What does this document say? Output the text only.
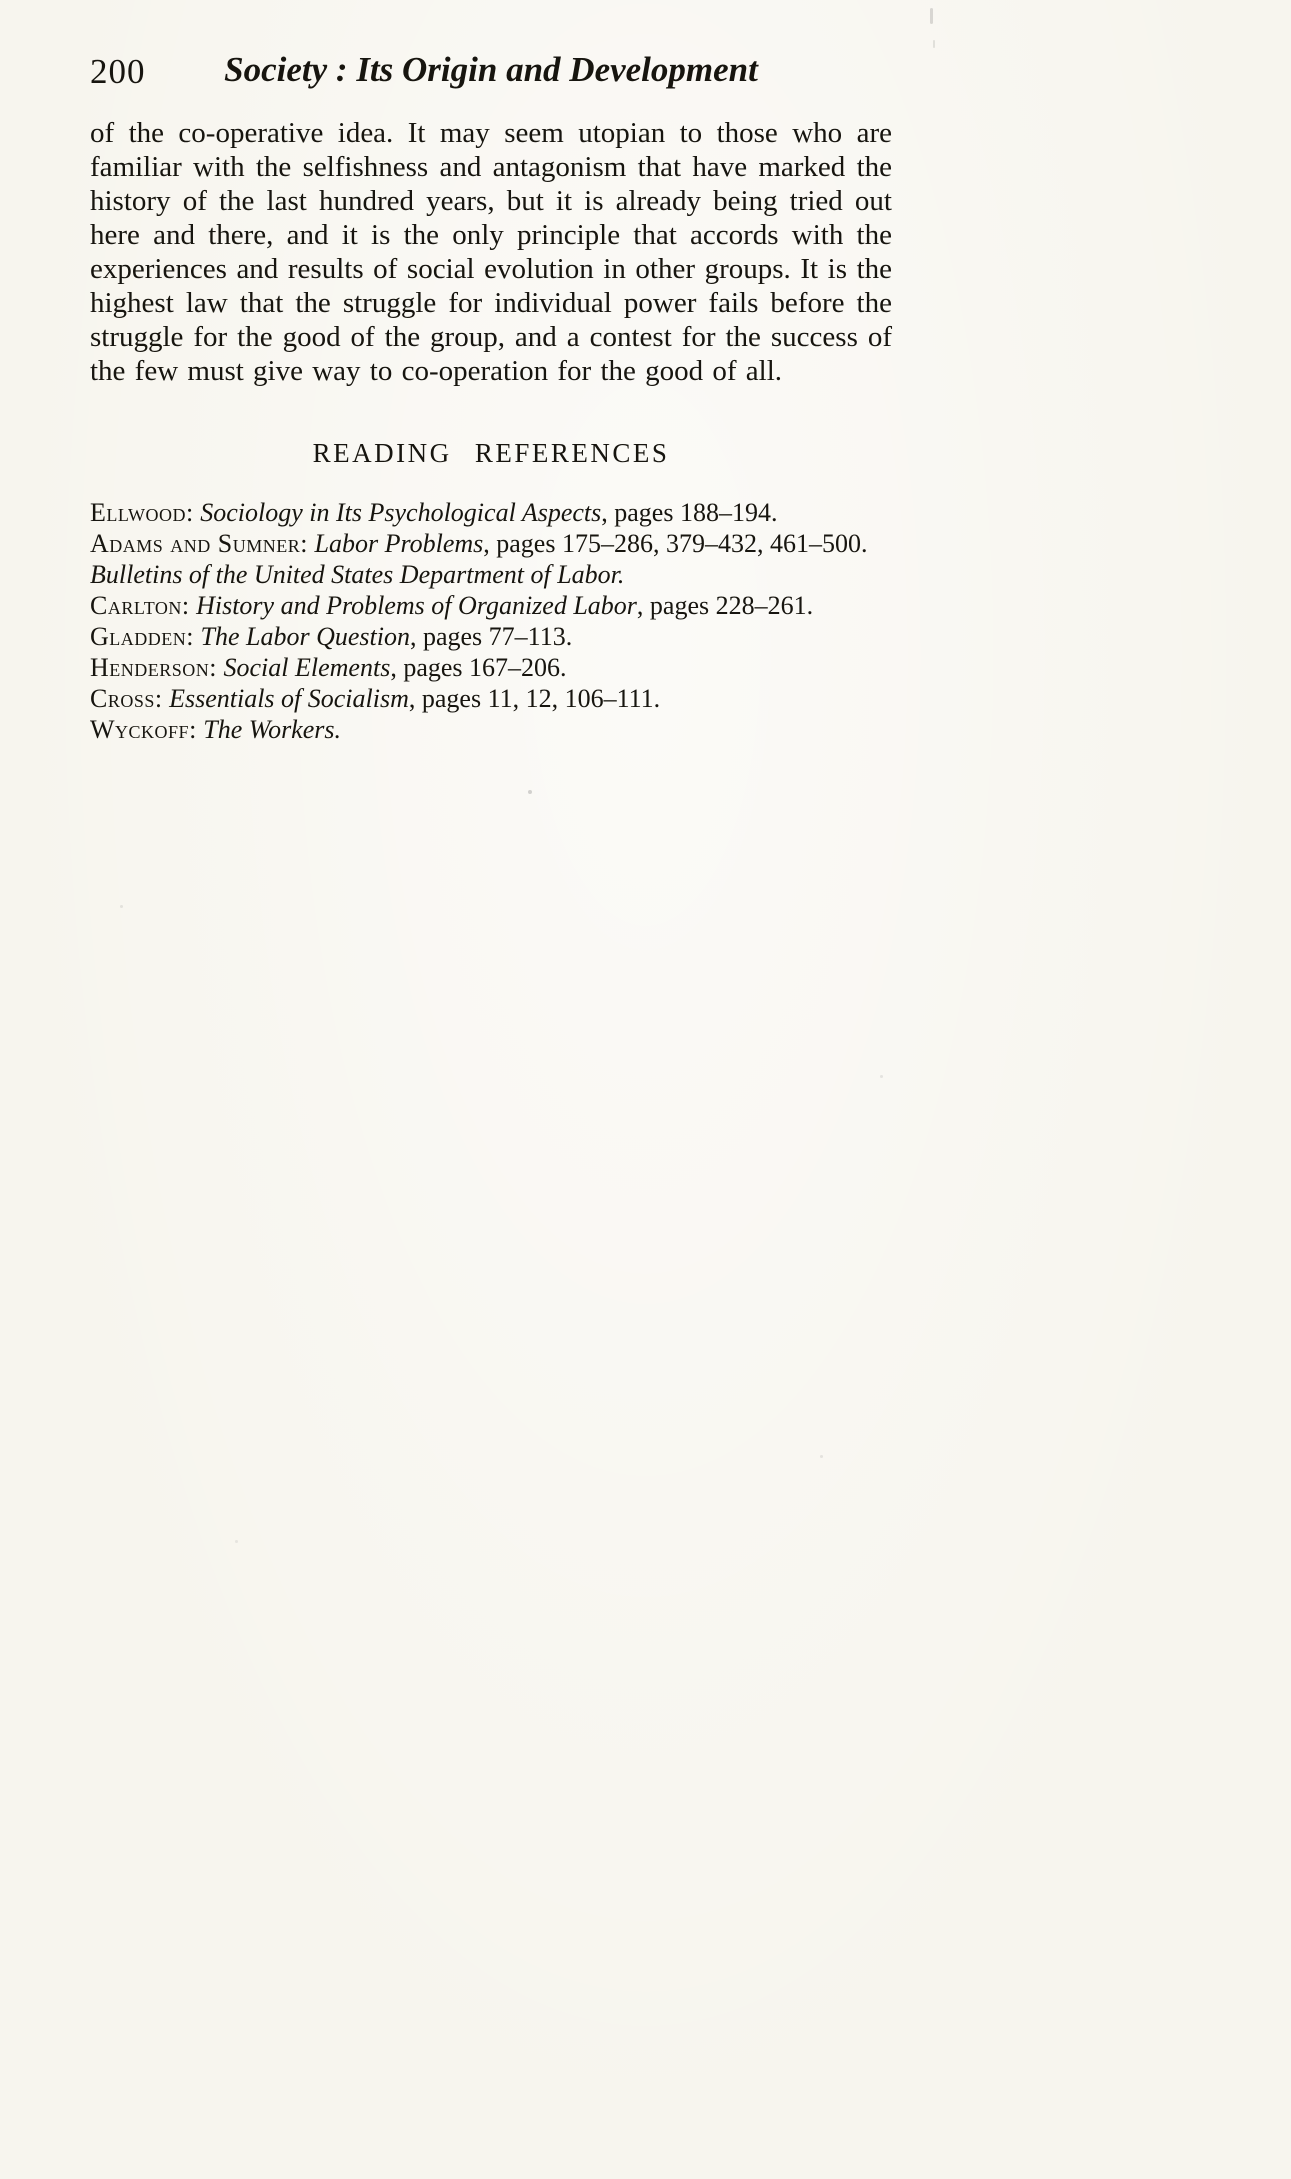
200	Society : Its Origin and Development

of the co-operative idea. It may seem utopian to those who are familiar with the selfishness and antagonism that have marked the history of the last hundred years, but it is already being tried out here and there, and it is the only principle that accords with the experiences and results of social evolution in other groups. It is the highest law that the struggle for individual power fails before the struggle for the good of the group, and a contest for the success of the few must give way to co-operation for the good of all.

READING REFERENCES
Ellwood: Sociology in Its Psychological Aspects, pages 188–194.
Adams and Sumner: Labor Problems, pages 175–286, 379–432, 461–500.
Bulletins of the United States Department of Labor.
Carlton: History and Problems of Organized Labor, pages 228–261.
Gladden: The Labor Question, pages 77–113.
Henderson: Social Elements, pages 167–206.
Cross: Essentials of Socialism, pages 11, 12, 106–111.
Wyckoff: The Workers.
